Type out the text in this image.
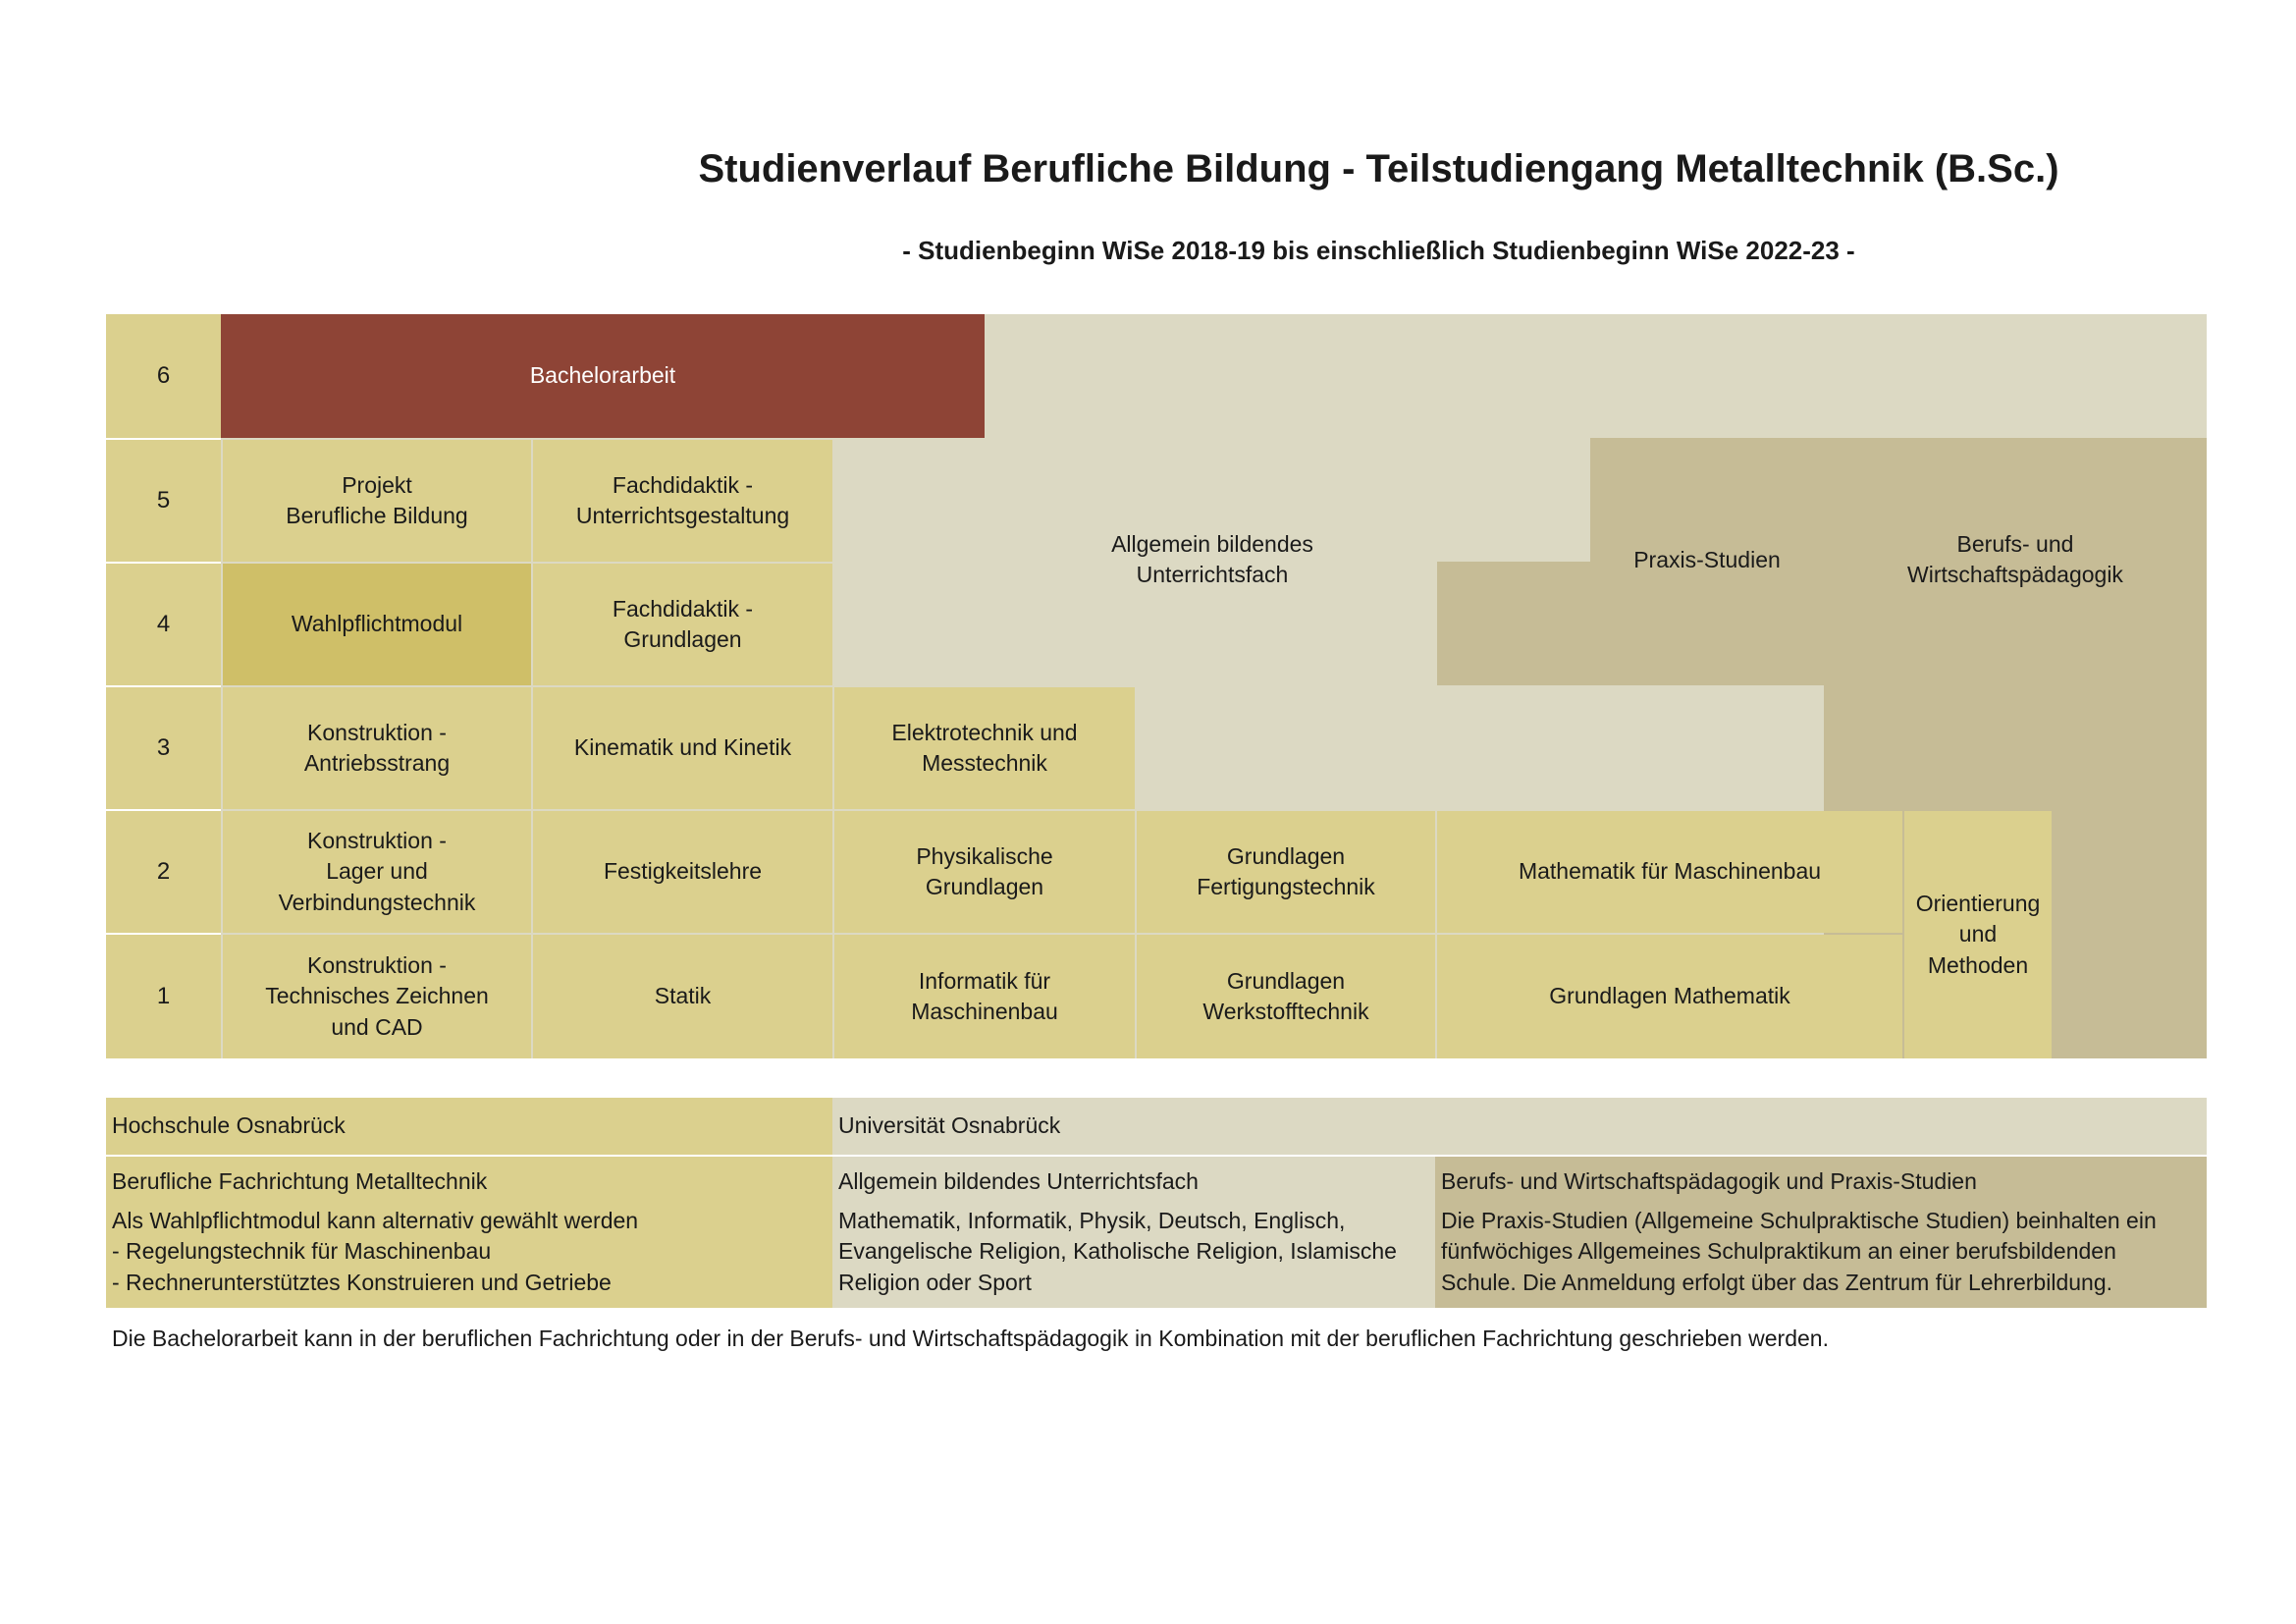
Studienverlauf Berufliche Bildung - Teilstudiengang Metalltechnik (B.Sc.)
- Studienbeginn WiSe 2018-19 bis einschließlich Studienbeginn WiSe 2022-23 -
6
5
4
3
2
1
Bachelorarbeit
Projekt
Berufliche Bildung
Fachdidaktik -
Unterrichtsgestaltung
Wahlpflichtmodul
Fachdidaktik -
Grundlagen
Konstruktion -
Antriebsstrang
Kinematik und Kinetik
Elektrotechnik und
Messtechnik
Konstruktion -
Lager und
Verbindungstechnik
Festigkeitslehre
Physikalische
Grundlagen
Grundlagen
Fertigungstechnik
Mathematik für Maschinenbau
Konstruktion -
Technisches Zeichnen
und CAD
Statik
Informatik für
Maschinenbau
Grundlagen
Werkstofftechnik
Grundlagen Mathematik
Orientierung
und
Methoden
Allgemein bildendes
Unterrichtsfach
Praxis-Studien
Berufs- und
Wirtschaftspädagogik
Hochschule Osnabrück	Universität Osnabrück
Berufliche Fachrichtung Metalltechnik
Als Wahlpflichtmodul kann alternativ gewählt werden
- Regelungstechnik für Maschinenbau
- Rechnerunterstütztes Konstruieren und Getriebe
Allgemein bildendes Unterrichtsfach
Mathematik, Informatik, Physik, Deutsch, Englisch,
Evangelische Religion, Katholische Religion, Islamische
Religion oder Sport
Berufs- und Wirtschaftspädagogik und Praxis-Studien
Die Praxis-Studien (Allgemeine Schulpraktische Studien) beinhalten ein
fünfwöchiges Allgemeines Schulpraktikum an einer berufsbildenden
Schule. Die Anmeldung erfolgt über das Zentrum für Lehrerbildung.
Die Bachelorarbeit kann in der beruflichen Fachrichtung oder in der Berufs- und Wirtschaftspädagogik in Kombination mit der beruflichen Fachrichtung geschrieben werden.
